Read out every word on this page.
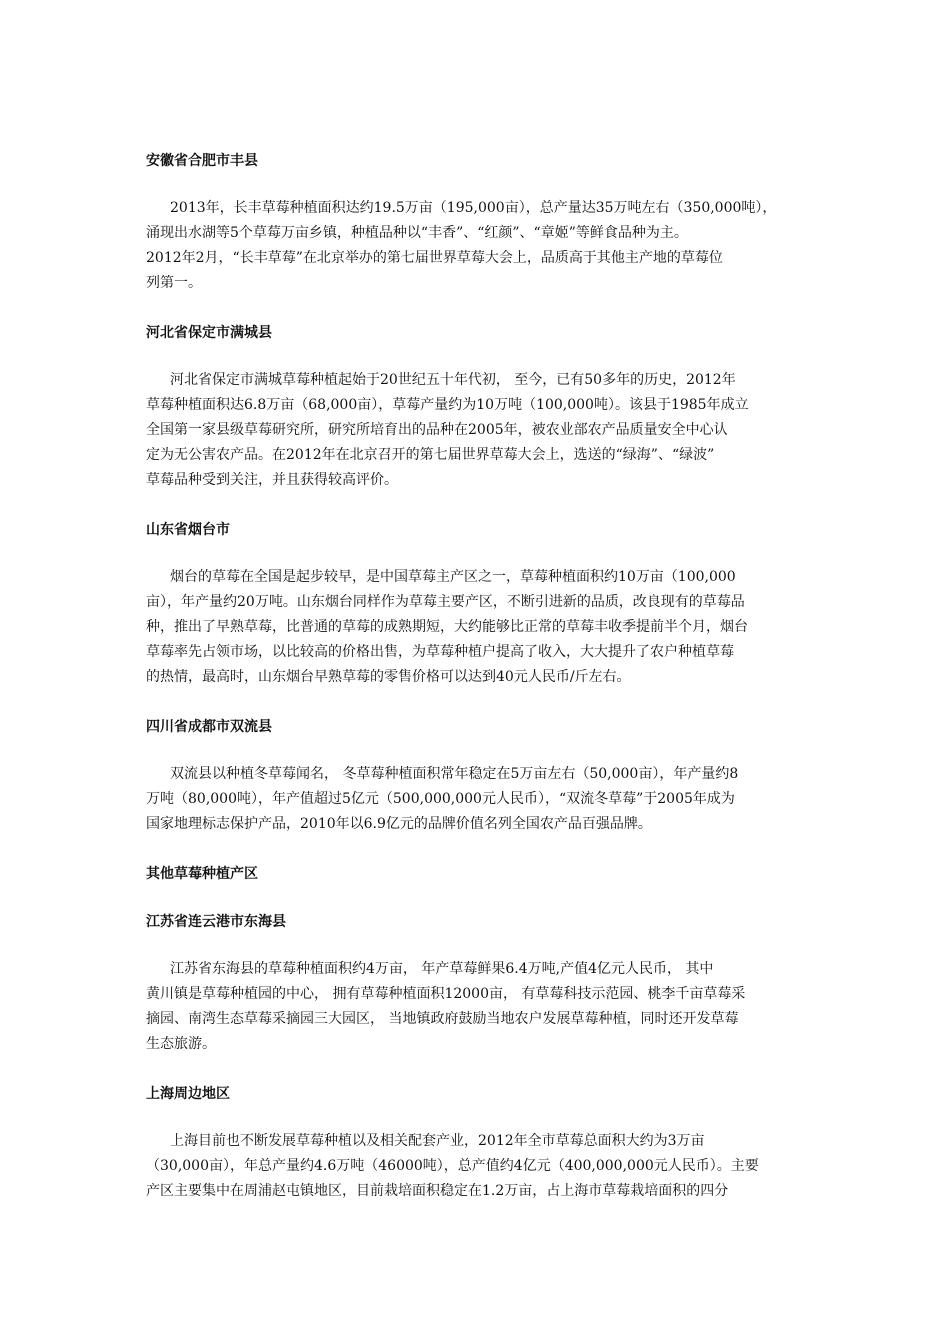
安徽省合肥市丰县

2013年，长丰草莓种植面积达约19.5万亩（195,000亩），总产量达35万吨左右（350,000吨），
涌现出水湖等5个草莓万亩乡镇，种植品种以“丰香”、“红颜”、“章姬”等鲜食品种为主。
2012年2月，“长丰草莓”在北京举办的第七届世界草莓大会上，品质高于其他主产地的草莓位
列第一。

河北省保定市满城县

河北省保定市满城草莓种植起始于20世纪五十年代初， 至今，已有50多年的历史，2012年
草莓种植面积达6.8万亩（68,000亩），草莓产量约为10万吨（100,000吨）。该县于1985年成立
全国第一家县级草莓研究所，研究所培育出的品种在2005年，被农业部农产品质量安全中心认
定为无公害农产品。在2012年在北京召开的第七届世界草莓大会上，选送的“绿海”、“绿波”
草莓品种受到关注，并且获得较高评价。

山东省烟台市

烟台的草莓在全国是起步较早，是中国草莓主产区之一，草莓种植面积约10万亩（100,000
亩），年产量约20万吨。山东烟台同样作为草莓主要产区，不断引进新的品质，改良现有的草莓品
种，推出了早熟草莓，比普通的草莓的成熟期短，大约能够比正常的草莓丰收季提前半个月，烟台
草莓率先占领市场，以比较高的价格出售，为草莓种植户提高了收入，大大提升了农户种植草莓
的热情，最高时，山东烟台早熟草莓的零售价格可以达到40元人民币/斤左右。

四川省成都市双流县

双流县以种植冬草莓闻名， 冬草莓种植面积常年稳定在5万亩左右（50,000亩），年产量约8
万吨（80,000吨），年产值超过5亿元（500,000,000元人民币），“双流冬草莓”于2005年成为
国家地理标志保护产品，2010年以6.9亿元的品牌价值名列全国农产品百强品牌。

其他草莓种植产区
江苏省连云港市东海县

江苏省东海县的草莓种植面积约4万亩， 年产草莓鲜果6.4万吨,产值4亿元人民币， 其中
黄川镇是草莓种植园的中心， 拥有草莓种植面积12000亩， 有草莓科技示范园、桃李千亩草莓采
摘园、南湾生态草莓采摘园三大园区， 当地镇政府鼓励当地农户发展草莓种植，同时还开发草莓
生态旅游。

上海周边地区

上海目前也不断发展草莓种植以及相关配套产业，2012年全市草莓总面积大约为3万亩
（30,000亩），年总产量约4.6万吨（46000吨），总产值约4亿元（400,000,000元人民币）。主要
产区主要集中在周浦赵屯镇地区，目前栽培面积稳定在1.2万亩，占上海市草莓栽培面积的四分
